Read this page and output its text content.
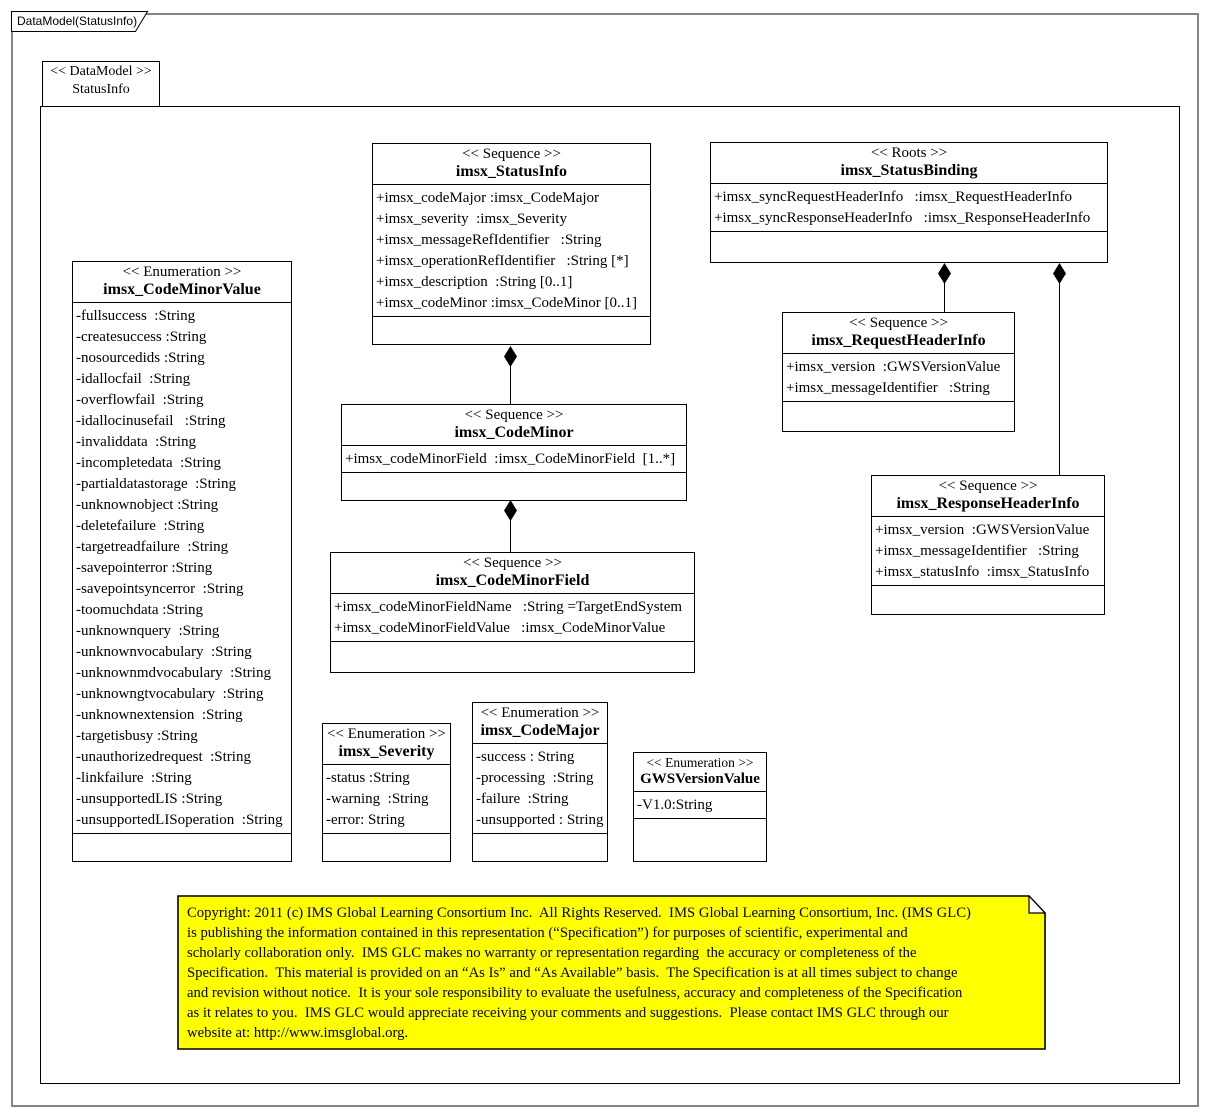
DataModel(StatusInfo)
<< DataModel >>
StatusInfo
<< Enumeration >>
imsx_CodeMinorValue
-fullsuccess  :String
-createsuccess :String
-nosourcedids :String
-idallocfail  :String
-overflowfail  :String
-idallocinusefail   :String
-invaliddata  :String
-incompletedata  :String
-partialdatastorage  :String
-unknownobject :String
-deletefailure  :String
-targetreadfailure  :String
-savepointerror :String
-savepointsyncerror  :String
-toomuchdata :String
-unknownquery  :String
-unknownvocabulary  :String
-unknownmdvocabulary  :String
-unknowngtvocabulary  :String
-unknownextension  :String
-targetisbusy :String
-unauthorizedrequest  :String
-linkfailure  :String
-unsupportedLIS :String
-unsupportedLISoperation  :String
<< Sequence >>
imsx_StatusInfo
+imsx_codeMajor :imsx_CodeMajor
+imsx_severity  :imsx_Severity
+imsx_messageRefIdentifier   :String
+imsx_operationRefIdentifier   :String [*]
+imsx_description  :String [0..1]
+imsx_codeMinor :imsx_CodeMinor [0..1]
<< Roots >>
imsx_StatusBinding
+imsx_syncRequestHeaderInfo   :imsx_RequestHeaderInfo
+imsx_syncResponseHeaderInfo   :imsx_ResponseHeaderInfo
<< Sequence >>
imsx_RequestHeaderInfo
+imsx_version  :GWSVersionValue
+imsx_messageIdentifier   :String
<< Sequence >>
imsx_CodeMinor
+imsx_codeMinorField  :imsx_CodeMinorField  [1..*]
<< Sequence >>
imsx_ResponseHeaderInfo
+imsx_version  :GWSVersionValue
+imsx_messageIdentifier   :String
+imsx_statusInfo  :imsx_StatusInfo
<< Sequence >>
imsx_CodeMinorField
+imsx_codeMinorFieldName   :String =TargetEndSystem
+imsx_codeMinorFieldValue   :imsx_CodeMinorValue
<< Enumeration >>
imsx_Severity
-status :String
-warning  :String
-error: String
<< Enumeration >>
imsx_CodeMajor
-success : String
-processing  :String
-failure  :String
-unsupported : String
<< Enumeration >>
GWSVersionValue
-V1.0:String
Copyright: 2011 (c) IMS Global Learning Consortium Inc.  All Rights Reserved.  IMS Global Learning Consortium, Inc. (IMS GLC)
is publishing the information contained in this representation (“Specification”) for purposes of scientific, experimental and
scholarly collaboration only.  IMS GLC makes no warranty or representation regarding  the accuracy or completeness of the
Specification.  This material is provided on an “As Is” and “As Available” basis.  The Specification is at all times subject to change
and revision without notice.  It is your sole responsibility to evaluate the usefulness, accuracy and completeness of the Specification
as it relates to you.  IMS GLC would appreciate receiving your comments and suggestions.  Please contact IMS GLC through our
website at: http://www.imsglobal.org.
